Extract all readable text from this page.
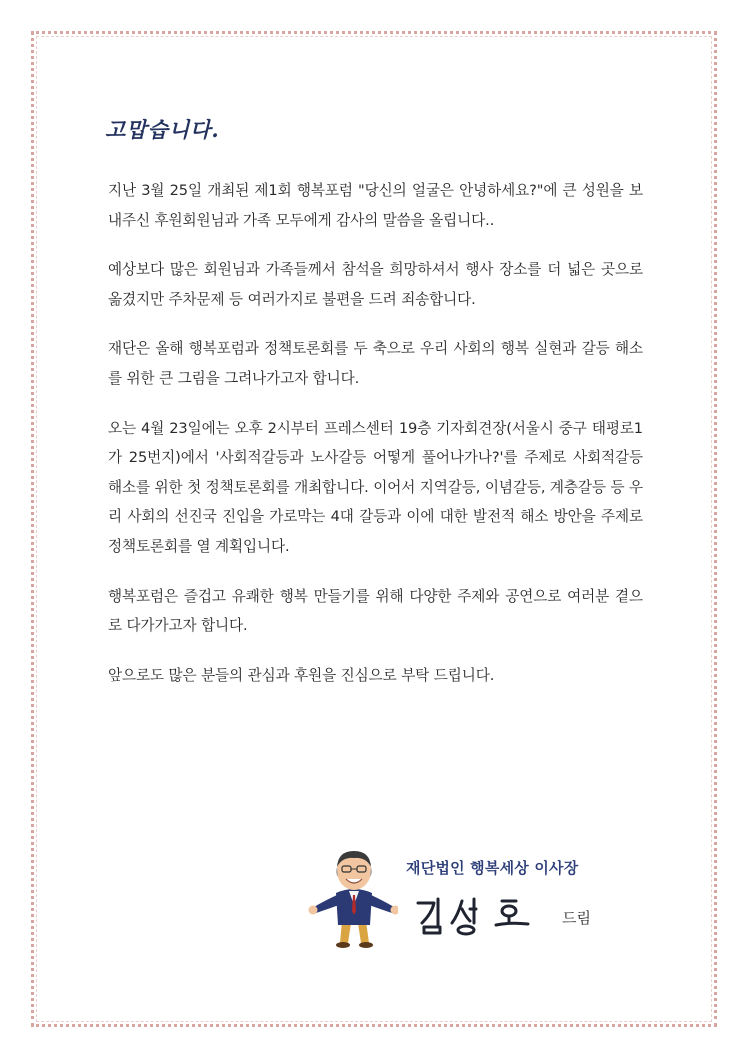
고맙습니다.

지난 3월 25일 개최된 제1회 행복포럼 "당신의 얼굴은 안녕하세요?"에 큰 성원을 보내주신 후원회원님과 가족 모두에게 감사의 말씀을 올립니다..

예상보다 많은 회원님과 가족들께서 참석을 희망하셔서 행사 장소를 더 넓은 곳으로 옮겼지만 주차문제 등 여러가지로 불편을 드려 죄송합니다.

재단은 올해 행복포럼과 정책토론회를 두 축으로 우리 사회의 행복 실현과 갈등 해소를 위한 큰 그림을 그려나가고자 합니다.

오는 4월 23일에는 오후 2시부터 프레스센터 19층 기자회견장(서울시 중구 태평로1가 25번지)에서 '사회적갈등과 노사갈등 어떻게 풀어나가나?'를 주제로 사회적갈등 해소를 위한 첫 정책토론회를 개최합니다. 이어서 지역갈등, 이념갈등, 계층갈등 등 우리 사회의 선진국 진입을 가로막는 4대 갈등과 이에 대한 발전적 해소 방안을 주제로 정책토론회를 열 계획입니다.

행복포럼은 즐겁고 유쾌한 행복 만들기를 위해 다양한 주제와 공연으로 여러분 곁으로 다가가고자 합니다.

앞으로도 많은 분들의 관심과 후원을 진심으로 부탁 드립니다.

재단법인 행복세상 이사장
드림
